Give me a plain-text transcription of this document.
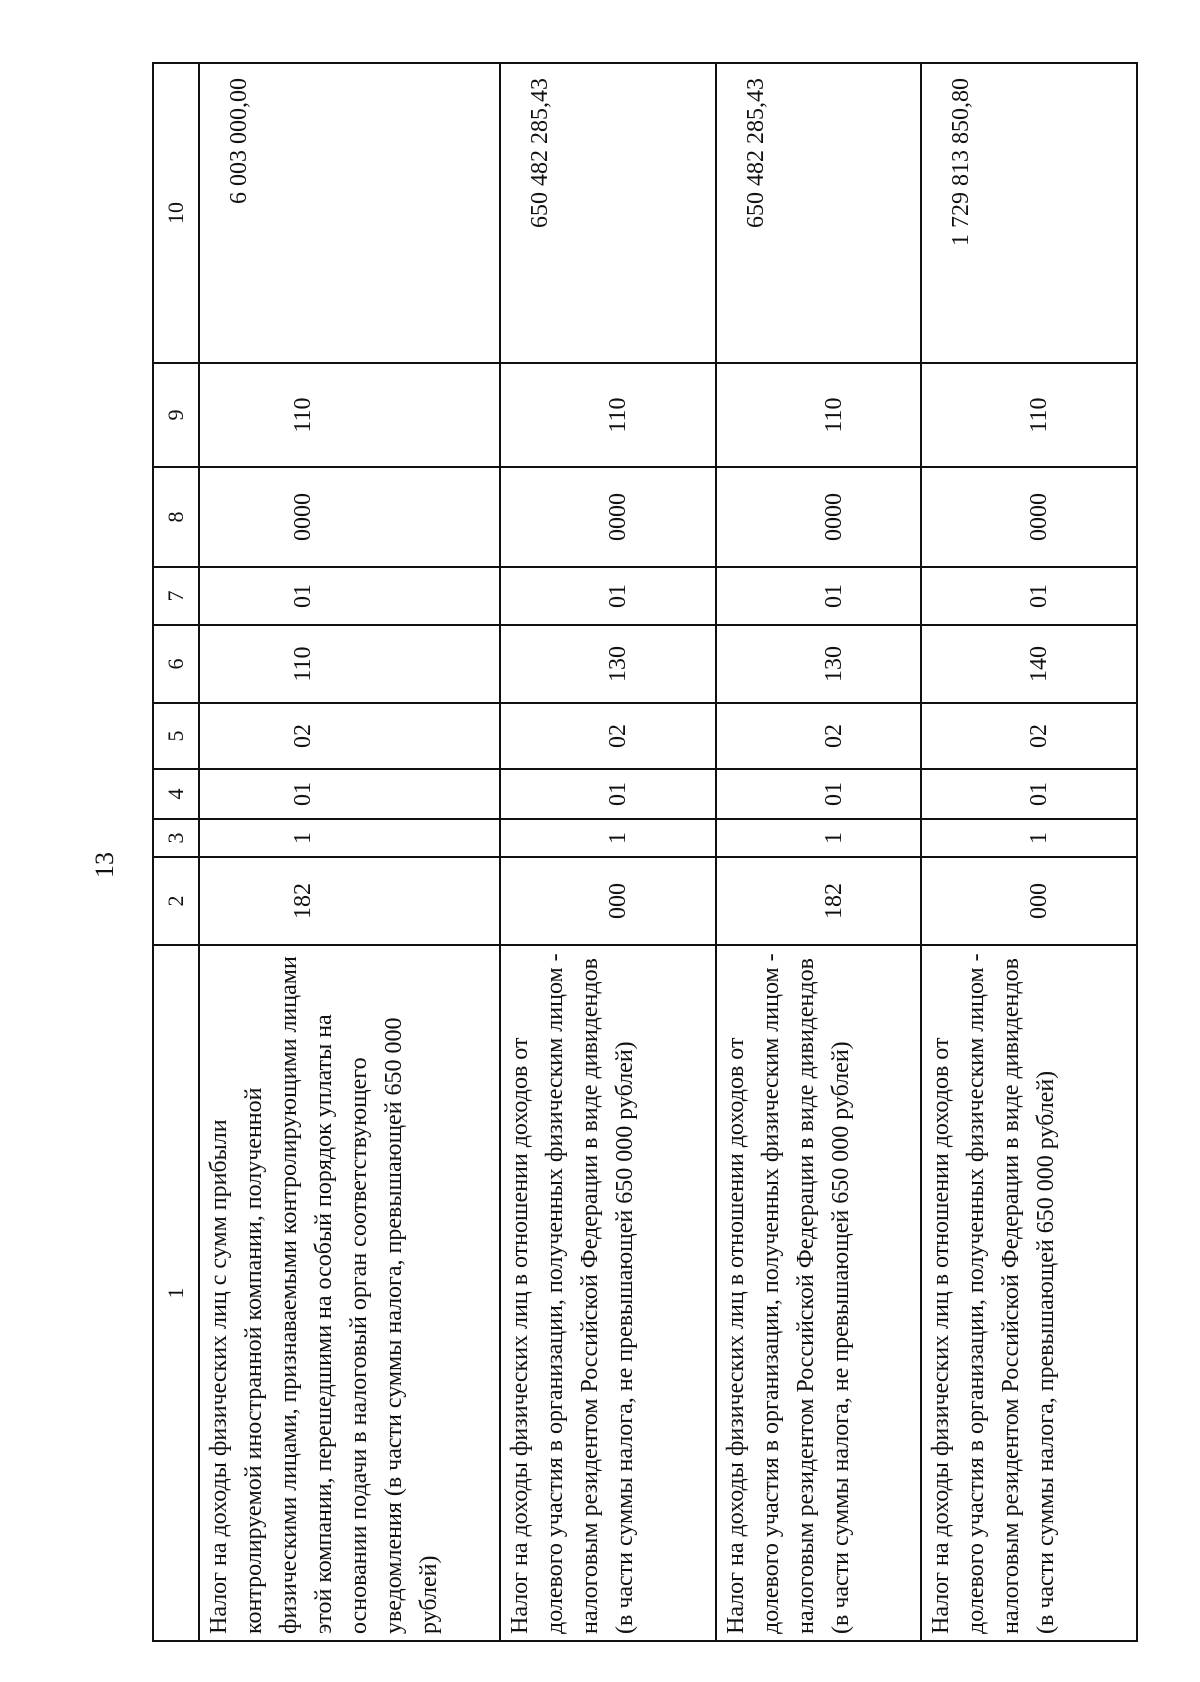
13
1	2	3	4	5	6	7	8	9	10
Налог на доходы физических лиц с сумм прибыли контролируемой иностранной компании, полученной физическими лицами, признаваемыми контролирующими лицами этой компании, перешедшими на особый порядок уплаты на основании подачи в налоговый орган соответствующего уведомления (в части суммы налога, превышающей 650 000 рублей)	182	1	01	02	110	01	0000	110	6 003 000,00
Налог на доходы физических лиц в отношении доходов от долевого участия в организации, полученных физическим лицом - налоговым резидентом Российской Федерации в виде дивидендов (в части суммы налога, не превышающей 650 000 рублей)	000	1	01	02	130	01	0000	110	650 482 285,43
Налог на доходы физических лиц в отношении доходов от долевого участия в организации, полученных физическим лицом - налоговым резидентом Российской Федерации в виде дивидендов (в части суммы налога, не превышающей 650 000 рублей)	182	1	01	02	130	01	0000	110	650 482 285,43
Налог на доходы физических лиц в отношении доходов от долевого участия в организации, полученных физическим лицом - налоговым резидентом Российской Федерации в виде дивидендов (в части суммы налога, превышающей 650 000 рублей)	000	1	01	02	140	01	0000	110	1 729 813 850,80
